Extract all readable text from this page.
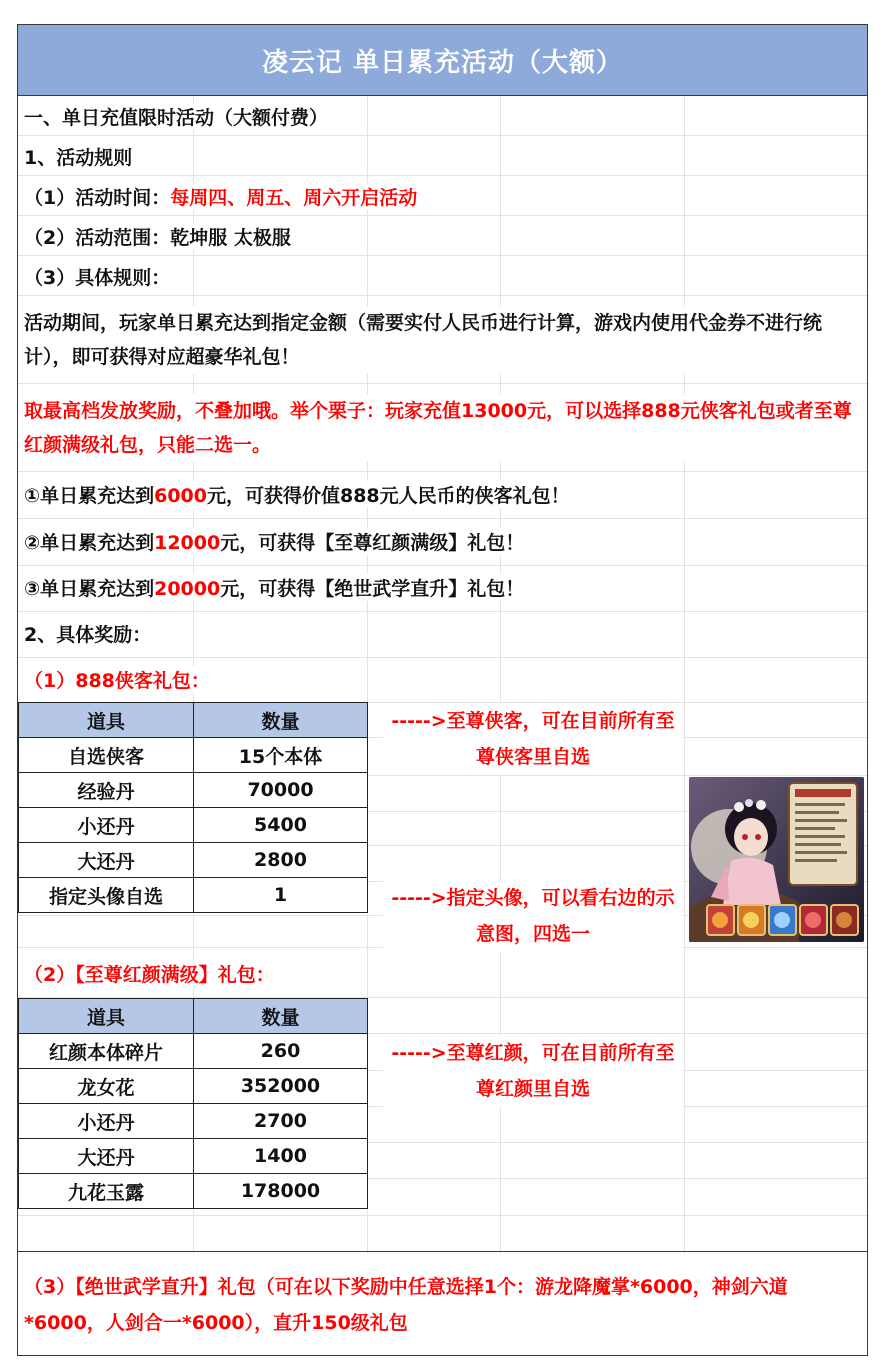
凌云记 单日累充活动（大额）
一、单日充值限时活动（大额付费）
1、活动规则
（1）活动时间：每周四、周五、周六开启活动
（2）活动范围：乾坤服 太极服
（3）具体规则：
活动期间，玩家单日累充达到指定金额（需要实付人民币进行计算，游戏内使用代金券不进行统计），即可获得对应超豪华礼包！
取最高档发放奖励，不叠加哦。举个栗子：玩家充值13000元，可以选择888元侠客礼包或者至尊红颜满级礼包，只能二选一。
①单日累充达到6000元，可获得价值888元人民币的侠客礼包！
②单日累充达到12000元，可获得【至尊红颜满级】礼包！
③单日累充达到20000元，可获得【绝世武学直升】礼包！
2、具体奖励：
（1）888侠客礼包：
道具	数量
自选侠客	15个本体
经验丹	70000
小还丹	5400
大还丹	2800
指定头像自选	1
----->至尊侠客，可在目前所有至尊侠客里自选
----->指定头像，可以看右边的示意图，四选一
（2）【至尊红颜满级】礼包：
道具	数量
红颜本体碎片	260
龙女花	352000
小还丹	2700
大还丹	1400
九花玉露	178000
----->至尊红颜，可在目前所有至尊红颜里自选
（3）【绝世武学直升】礼包（可在以下奖励中任意选择1个：游龙降魔掌*6000，神剑六道*6000，人剑合一*6000），直升150级礼包
